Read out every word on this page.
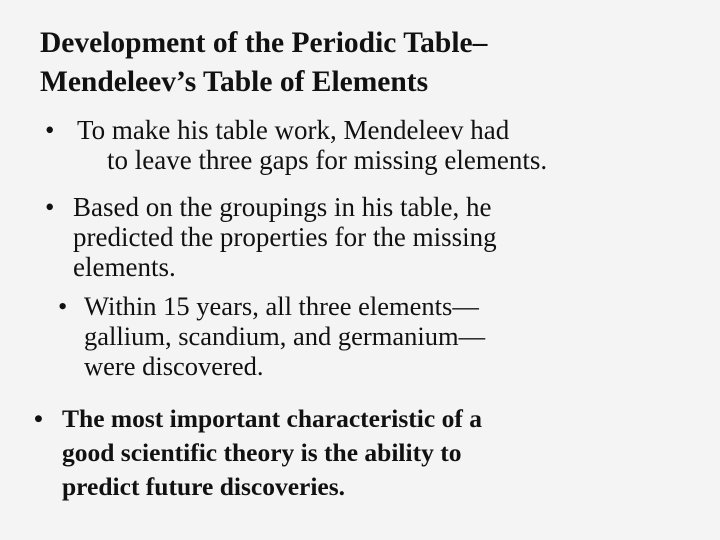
Development of the Periodic Table–
Mendeleev’s Table of Elements
• To make his table work, Mendeleev had
to leave three gaps for missing elements.
• Based on the groupings in his table, he
predicted the properties for the missing
elements.
• Within 15 years, all three elements—
gallium, scandium, and germanium—
were discovered.
• The most important characteristic of a
good scientific theory is the ability to
predict future discoveries.
